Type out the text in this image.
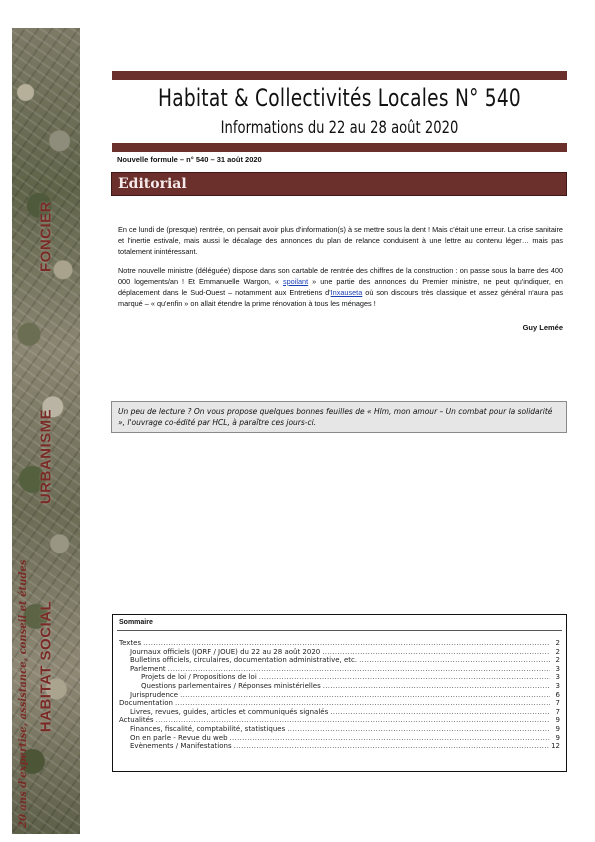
FONCIER
URBANISME
HABITAT SOCIAL
20 ans d'expertise, assistance, conseil et études
Habitat & Collectivités Locales N° 540
Informations du 22 au 28 août 2020
Nouvelle formule – n° 540 – 31 août 2020
Editorial

En ce lundi de (presque) rentrée, on pensait avoir plus d'information(s) à se mettre sous la dent ! Mais c'était une erreur. La crise sanitaire et l'inertie estivale, mais aussi le décalage des annonces du plan de relance conduisent à une lettre au contenu léger… mais pas totalement inintéressant.

Notre nouvelle ministre (déléguée) dispose dans son cartable de rentrée des chiffres de la construction : on passe sous la barre des 400 000 logements/an ! Et Emmanuelle Wargon, « spoilant » une partie des annonces du Premier ministre, ne peut qu'indiquer, en déplacement dans le Sud-Ouest – notamment aux Entretiens d'Inxauseta où son discours très classique et assez général n'aura pas marqué – « qu'enfin » on allait étendre la prime rénovation à tous les ménages !

Guy Lemée

Un peu de lecture ? On vous propose quelques bonnes feuilles de « Hlm, mon amour – Un combat pour la solidarité », l'ouvrage co-édité par HCL, à paraître ces jours-ci.

Sommaire
Textes .....	2
Journaux officiels (JORF / JOUE) du 22 au 28 août 2020 .....	2
Bulletins officiels, circulaires, documentation administrative, etc. .....	2
Parlement .....	3
Projets de loi / Propositions de loi .....	3
Questions parlementaires / Réponses ministérielles .....	3
Jurisprudence .....	6
Documentation .....	7
Livres, revues, guides, articles et communiqués signalés .....	7
Actualités .....	9
Finances, fiscalité, comptabilité, statistiques .....	9
On en parle - Revue du web .....	9
Evènements / Manifestations .....	12
